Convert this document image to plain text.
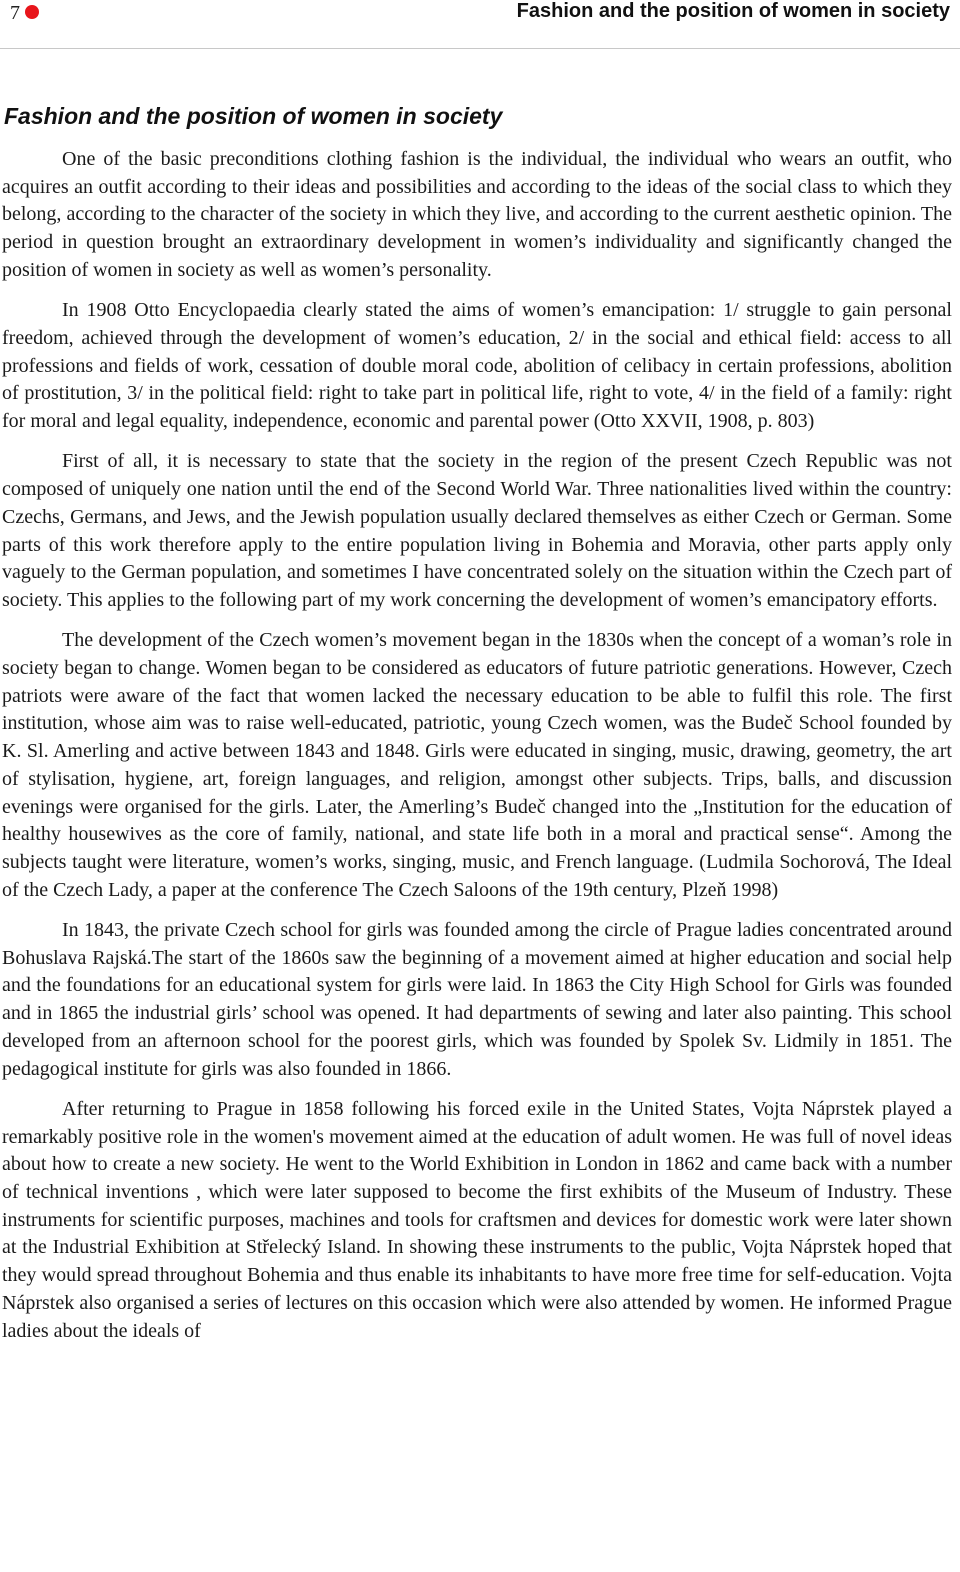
7	Fashion and the position of women in society
Fashion and the position of women in society

One of the basic preconditions clothing fashion is the individual, the individual who wears an outfit, who acquires an outfit according to their ideas and possibilities and according to the ideas of the social class to which they belong, according to the character of the society in which they live, and according to the current aesthetic opinion. The period in question brought an extraordinary development in women’s individuality and significantly changed the position of women in society as well as women’s personality.

In 1908 Otto Encyclopaedia clearly stated the aims of women’s emancipation: 1/ struggle to gain personal freedom, achieved through the development of women’s education, 2/ in the social and ethical field: access to all professions and fields of work, cessation of double moral code, abolition of celibacy in certain professions, abolition of prostitution, 3/ in the political field: right to take part in political life, right to vote, 4/ in the field of a family: right for moral and legal equality, independence, economic and parental power (Otto XXVII, 1908, p. 803)

First of all, it is necessary to state that the society in the region of the present Czech Republic was not composed of uniquely one nation until the end of the Second World War. Three nationalities lived within the country: Czechs, Germans, and Jews, and the Jewish population usually declared themselves as either Czech or German. Some parts of this work therefore apply to the entire population living in Bohemia and Moravia, other parts apply only vaguely to the German population, and sometimes I have concentrated solely on the situation within the Czech part of society. This applies to the following part of my work concerning the development of women’s emancipatory efforts.

The development of the Czech women’s movement began in the 1830s when the concept of a woman’s role in society began to change. Women began to be considered as educators of future patriotic generations. However, Czech patriots were aware of the fact that women lacked the necessary education to be able to fulfil this role. The first institution, whose aim was to raise well-educated, patriotic, young Czech women, was the Budeč School founded by K. Sl. Amerling and active between 1843 and 1848. Girls were educated in singing, music, drawing, geometry, the art of stylisation, hygiene, art, foreign languages, and religion, amongst other subjects. Trips, balls, and discussion evenings were organised for the girls. Later, the Amerling’s Budeč changed into the „Institution for the education of healthy housewives as the core of family, national, and state life both in a moral and practical sense“. Among the subjects taught were literature, women’s works, singing, music, and French language. (Ludmila Sochorová, The Ideal of the Czech Lady, a paper at the conference The Czech Saloons of the 19th century, Plzeň 1998)

In 1843, the private Czech school for girls was founded among the circle of Prague ladies concentrated around Bohuslava Rajská.The start of the 1860s saw the beginning of a movement aimed at higher education and social help and the foundations for an educational system for girls were laid. In 1863 the City High School for Girls was founded and in 1865 the industrial girls’ school was opened. It had departments of sewing and later also painting. This school developed from an afternoon school for the poorest girls, which was founded by Spolek Sv. Lidmily in 1851. The pedagogical institute for girls was also founded in 1866.

After returning to Prague in 1858 following his forced exile in the United States, Vojta Náprstek played a remarkably positive role in the women's movement aimed at the education of adult women. He was full of novel ideas about how to create a new society. He went to the World Exhibition in London in 1862 and came back with a number of technical inventions , which were later supposed to become the first exhibits of the Museum of Industry. These instruments for scientific purposes, machines and tools for craftsmen and devices for domestic work were later shown at the Industrial Exhibition at Střelecký Island. In showing these instruments to the public, Vojta Náprstek hoped that they would spread throughout Bohemia and thus enable its inhabitants to have more free time for self-education. Vojta Náprstek also organised a series of lectures on this occasion which were also attended by women. He informed Prague ladies about the ideals of
